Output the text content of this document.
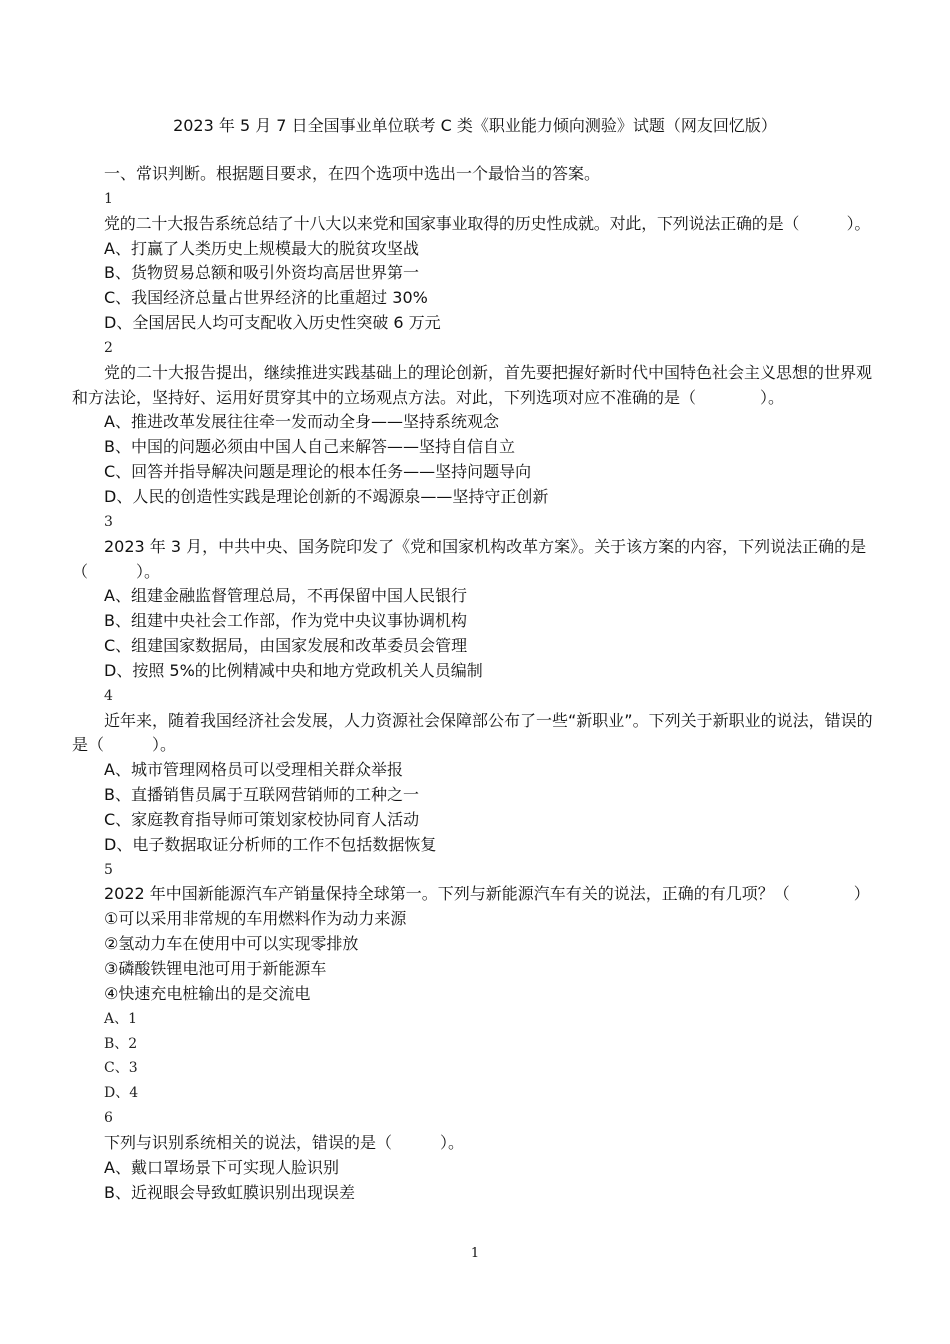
2023 年 5 月 7 日全国事业单位联考 C 类《职业能力倾向测验》试题（网友回忆版）
一、常识判断。根据题目要求，在四个选项中选出一个最恰当的答案。
1
党的二十大报告系统总结了十八大以来党和国家事业取得的历史性成就。对此，下列说法正确的是（　　　）。
A、打赢了人类历史上规模最大的脱贫攻坚战
B、货物贸易总额和吸引外资均高居世界第一
C、我国经济总量占世界经济的比重超过 30%
D、全国居民人均可支配收入历史性突破 6 万元
2
党的二十大报告提出，继续推进实践基础上的理论创新，首先要把握好新时代中国特色社会主义思想的世界观和方法论，坚持好、运用好贯穿其中的立场观点方法。对此，下列选项对应不准确的是（　　　　）。
A、推进改革发展往往牵一发而动全身——坚持系统观念
B、中国的问题必须由中国人自己来解答——坚持自信自立
C、回答并指导解决问题是理论的根本任务——坚持问题导向
D、人民的创造性实践是理论创新的不竭源泉——坚持守正创新
3
2023 年 3 月，中共中央、国务院印发了《党和国家机构改革方案》。关于该方案的内容，下列说法正确的是（　　　）。
A、组建金融监督管理总局，不再保留中国人民银行
B、组建中央社会工作部，作为党中央议事协调机构
C、组建国家数据局，由国家发展和改革委员会管理
D、按照 5%的比例精减中央和地方党政机关人员编制
4
近年来，随着我国经济社会发展，人力资源社会保障部公布了一些“新职业”。下列关于新职业的说法，错误的是（　　　）。
A、城市管理网格员可以受理相关群众举报
B、直播销售员属于互联网营销师的工种之一
C、家庭教育指导师可策划家校协同育人活动
D、电子数据取证分析师的工作不包括数据恢复
5
2022 年中国新能源汽车产销量保持全球第一。下列与新能源汽车有关的说法，正确的有几项？（　　　　）
①可以采用非常规的车用燃料作为动力来源
②氢动力车在使用中可以实现零排放
③磷酸铁锂电池可用于新能源车
④快速充电桩输出的是交流电
A、1
B、2
C、3
D、4
6
下列与识别系统相关的说法，错误的是（　　　）。
A、戴口罩场景下可实现人脸识别
B、近视眼会导致虹膜识别出现误差
1
